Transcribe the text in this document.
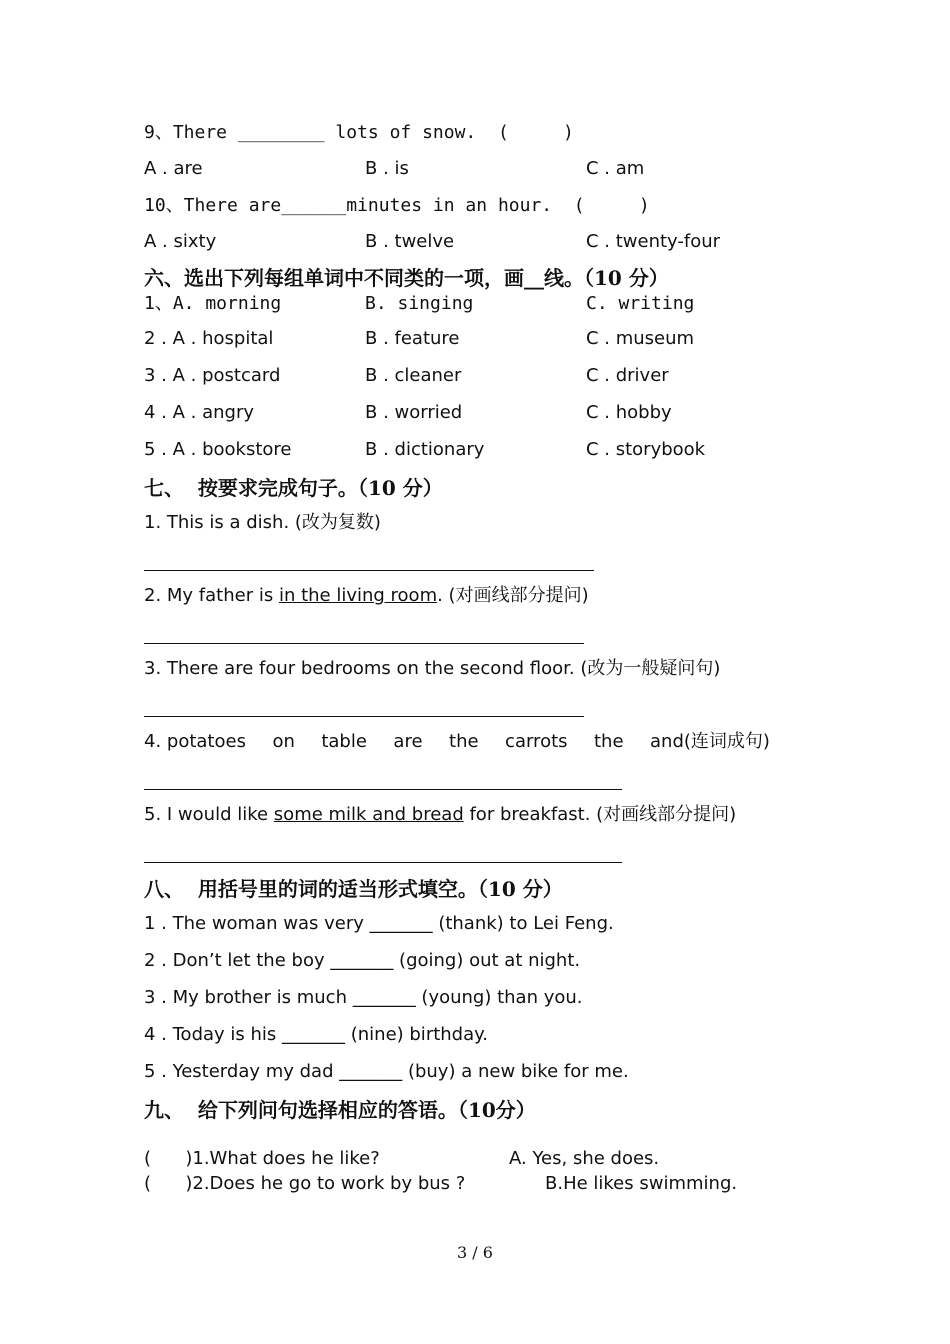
9、There ________ lots of snow.  (     )
A . are	B . is	C . am
10、There are______minutes in an hour.  (     )
A . sixty	B . twelve	C . twenty-four
六、选出下列每组单词中不同类的一项，画__线。（10 分）
1、A. morning	B. singing	C. writing
2 . A . hospital	B . feature	C . museum
3 . A . postcard	B . cleaner	C . driver
4 . A . angry	B . worried	C . hobby
5 . A . bookstore	B . dictionary	C . storybook
七、  按要求完成句子。（10 分）
1. This is a dish. (改为复数)
2. My father is in the living room. (对画线部分提问)
3. There are four bedrooms on the second floor. (改为一般疑问句)
4. potatoes on table are the carrots the and(连词成句)
5. I would like some milk and bread for breakfast. (对画线部分提问)
八、  用括号里的词的适当形式填空。（10 分）
1 . The woman was very _______ (thank) to Lei Feng.
2 . Don’t let the boy _______ (going) out at night.
3 . My brother is much _______ (young) than you.
4 . Today is his _______ (nine) birthday.
5 . Yesterday my dad _______ (buy) a new bike for me.
九、  给下列问句选择相应的答语。（10分）
(      )1.What does he like?	A. Yes, she does.
(      )2.Does he go to work by bus ?	B.He likes swimming.
3 / 6
